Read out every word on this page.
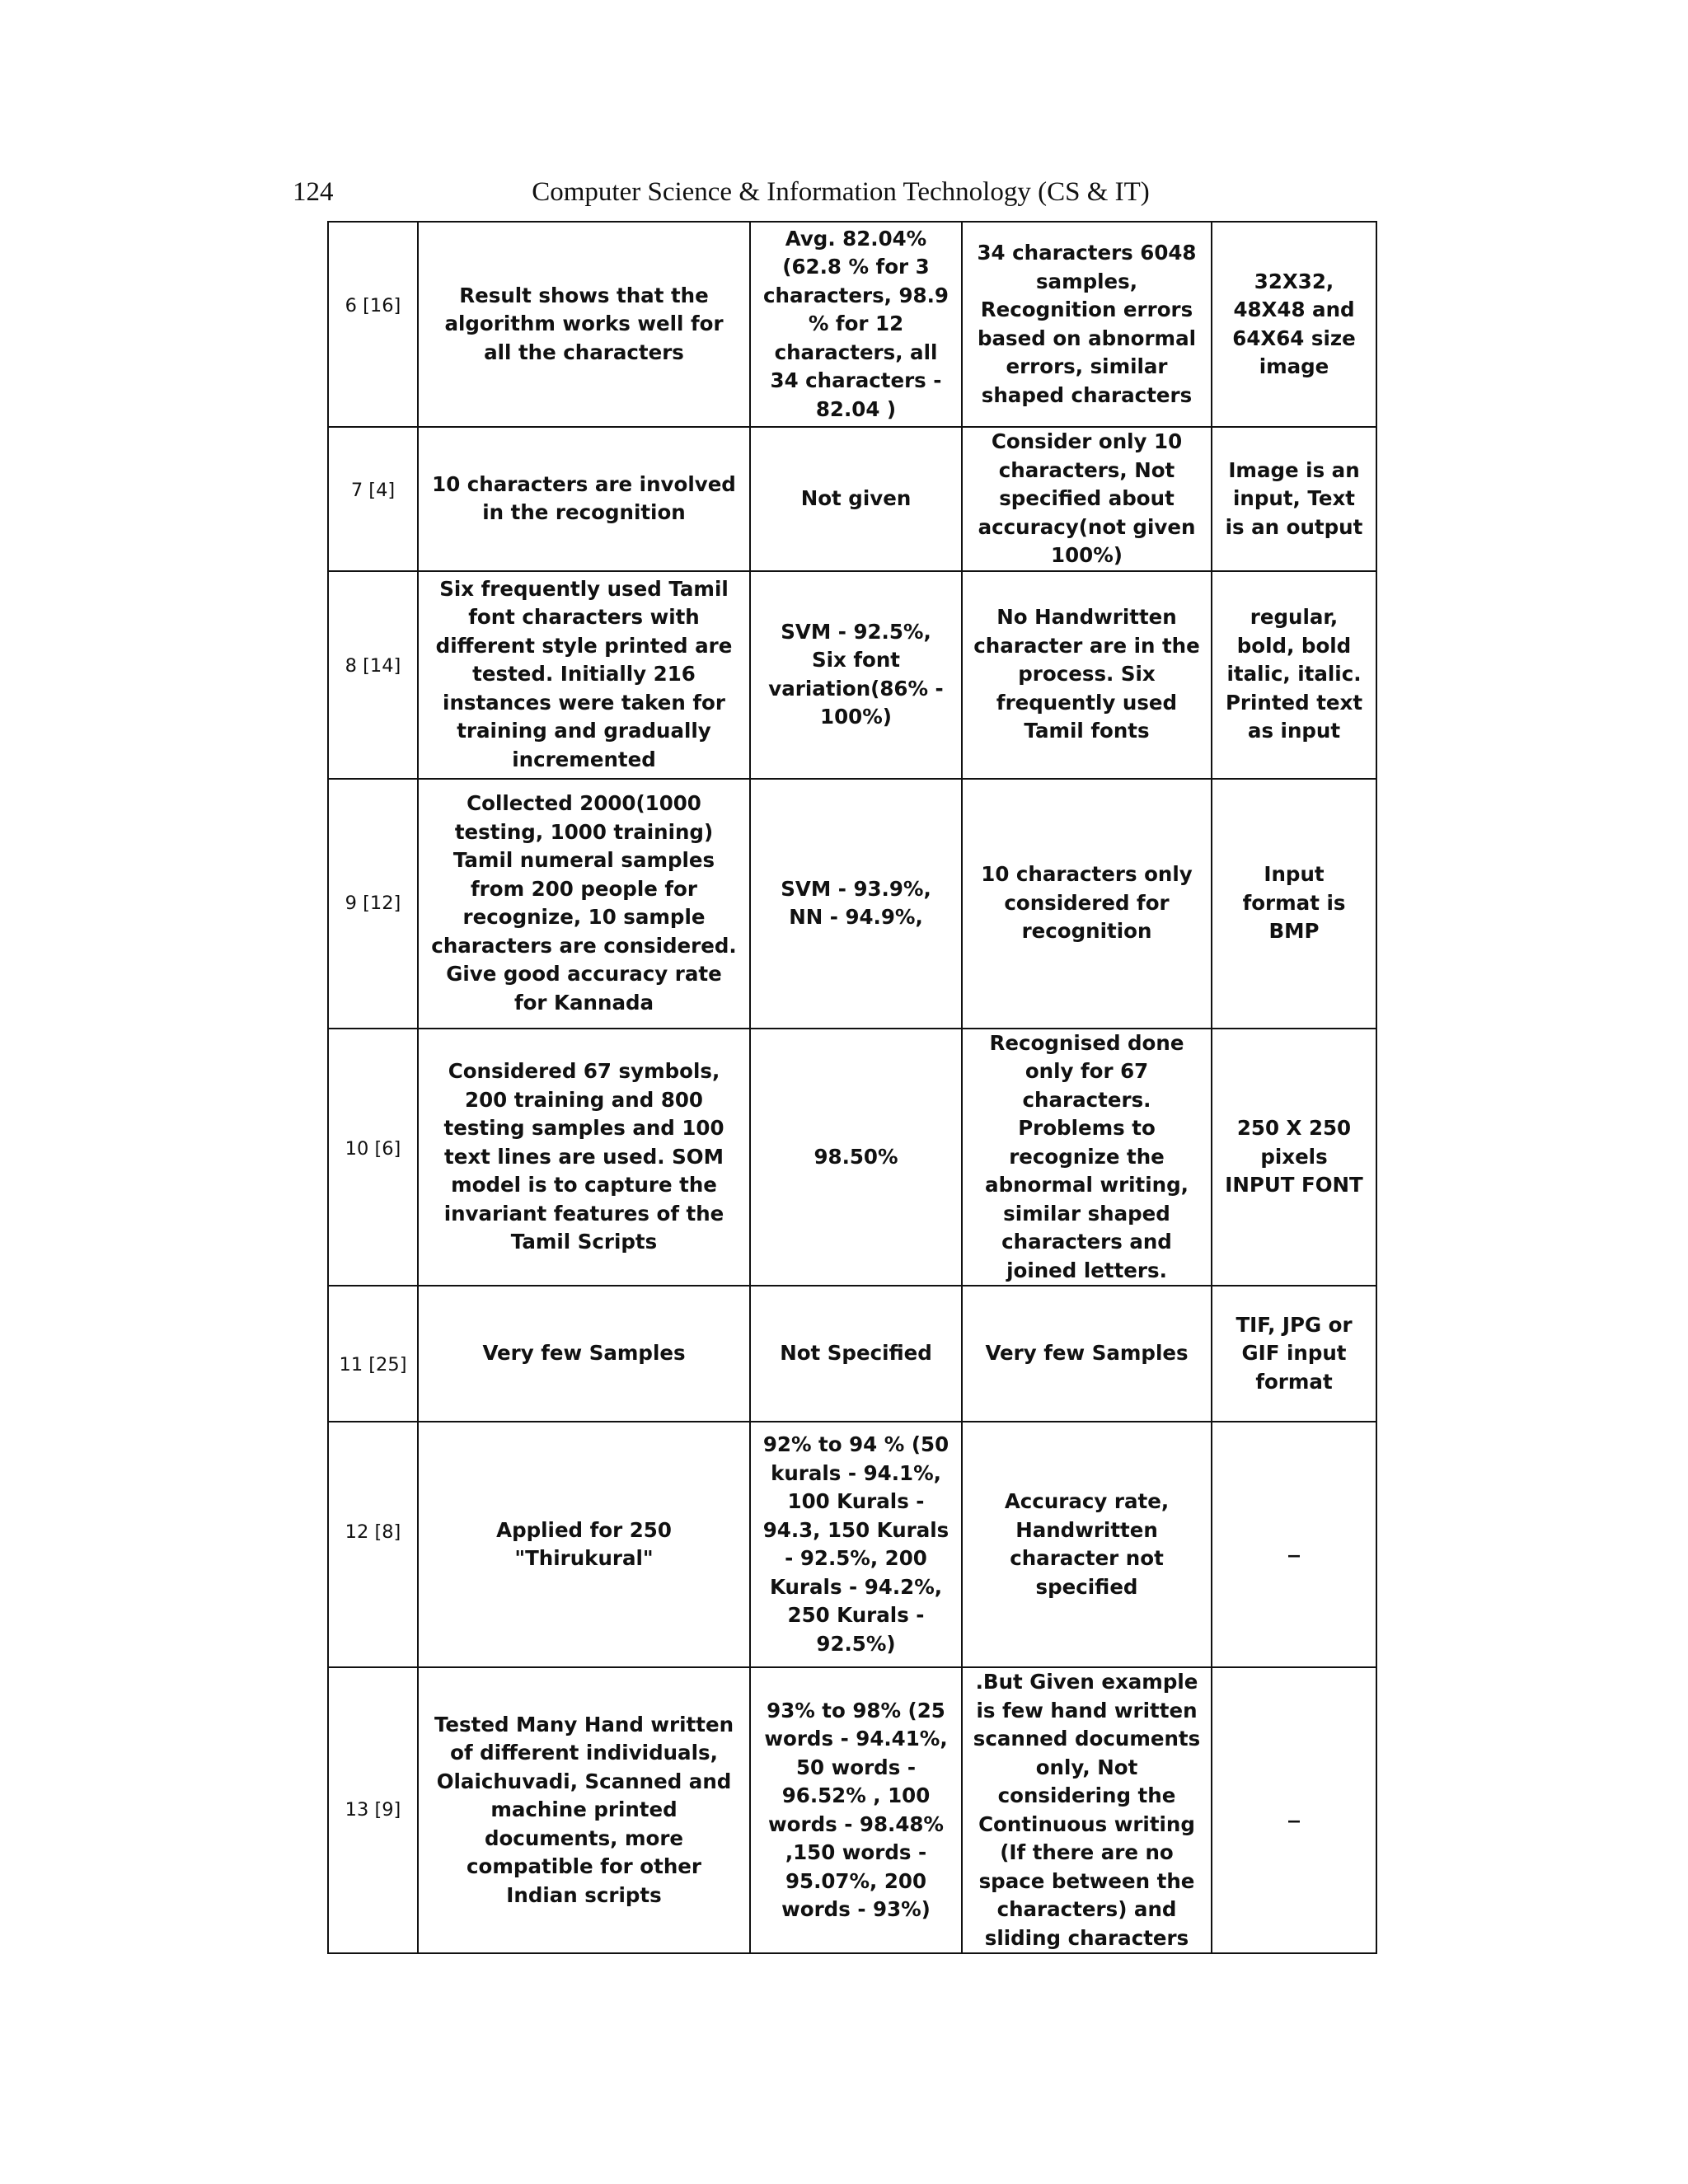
124	Computer Science & Information Technology (CS & IT)
6 [16]	Result shows that the algorithm works well for all the characters	Avg. 82.04% (62.8 % for 3 characters, 98.9 % for 12 characters, all 34 characters - 82.04 )	34 characters 6048 samples, Recognition errors based on abnormal errors, similar shaped characters	32X32, 48X48 and 64X64 size image

7 [4]	10 characters are involved in the recognition	Not given	Consider only 10 characters, Not specified about accuracy(not given 100%)	Image is an input, Text is an output

8 [14]	Six frequently used Tamil font characters with different style printed are tested. Initially 216 instances were taken for training and gradually incremented	SVM - 92.5%, Six font variation(86% - 100%)	No Handwritten character are in the process. Six frequently used Tamil fonts	regular, bold, bold italic, italic. Printed text as input

9 [12]	Collected 2000(1000 testing, 1000 training) Tamil numeral samples from 200 people for recognize, 10 sample characters are considered. Give good accuracy rate for Kannada	SVM - 93.9%, NN - 94.9%,	10 characters only considered for recognition	Input format is BMP

10 [6]	Considered 67 symbols, 200 training and 800 testing samples and 100 text lines are used. SOM model is to capture the invariant features of the Tamil Scripts	98.50%	Recognised done only for 67 characters. Problems to recognize the abnormal writing, similar shaped characters and joined letters.	250 X 250 pixels INPUT FONT

11 [25]	Very few Samples	Not Specified	Very few Samples	TIF, JPG or GIF input format

12 [8]	Applied for 250 "Thirukural"	92% to 94 % (50 kurals - 94.1%, 100 Kurals - 94.3, 150 Kurals - 92.5%, 200 Kurals - 94.2%, 250 Kurals - 92.5%)	Accuracy rate, Handwritten character not specified	_

13 [9]	Tested Many Hand written of different individuals, Olaichuvadi, Scanned and machine printed documents, more compatible for other Indian scripts	93% to 98% (25 words - 94.41%, 50 words - 96.52% , 100 words - 98.48% ,150 words - 95.07%, 200 words - 93%)	.But Given example is few hand written scanned documents only, Not considering the Continuous writing (If there are no space between the characters) and sliding characters	_
